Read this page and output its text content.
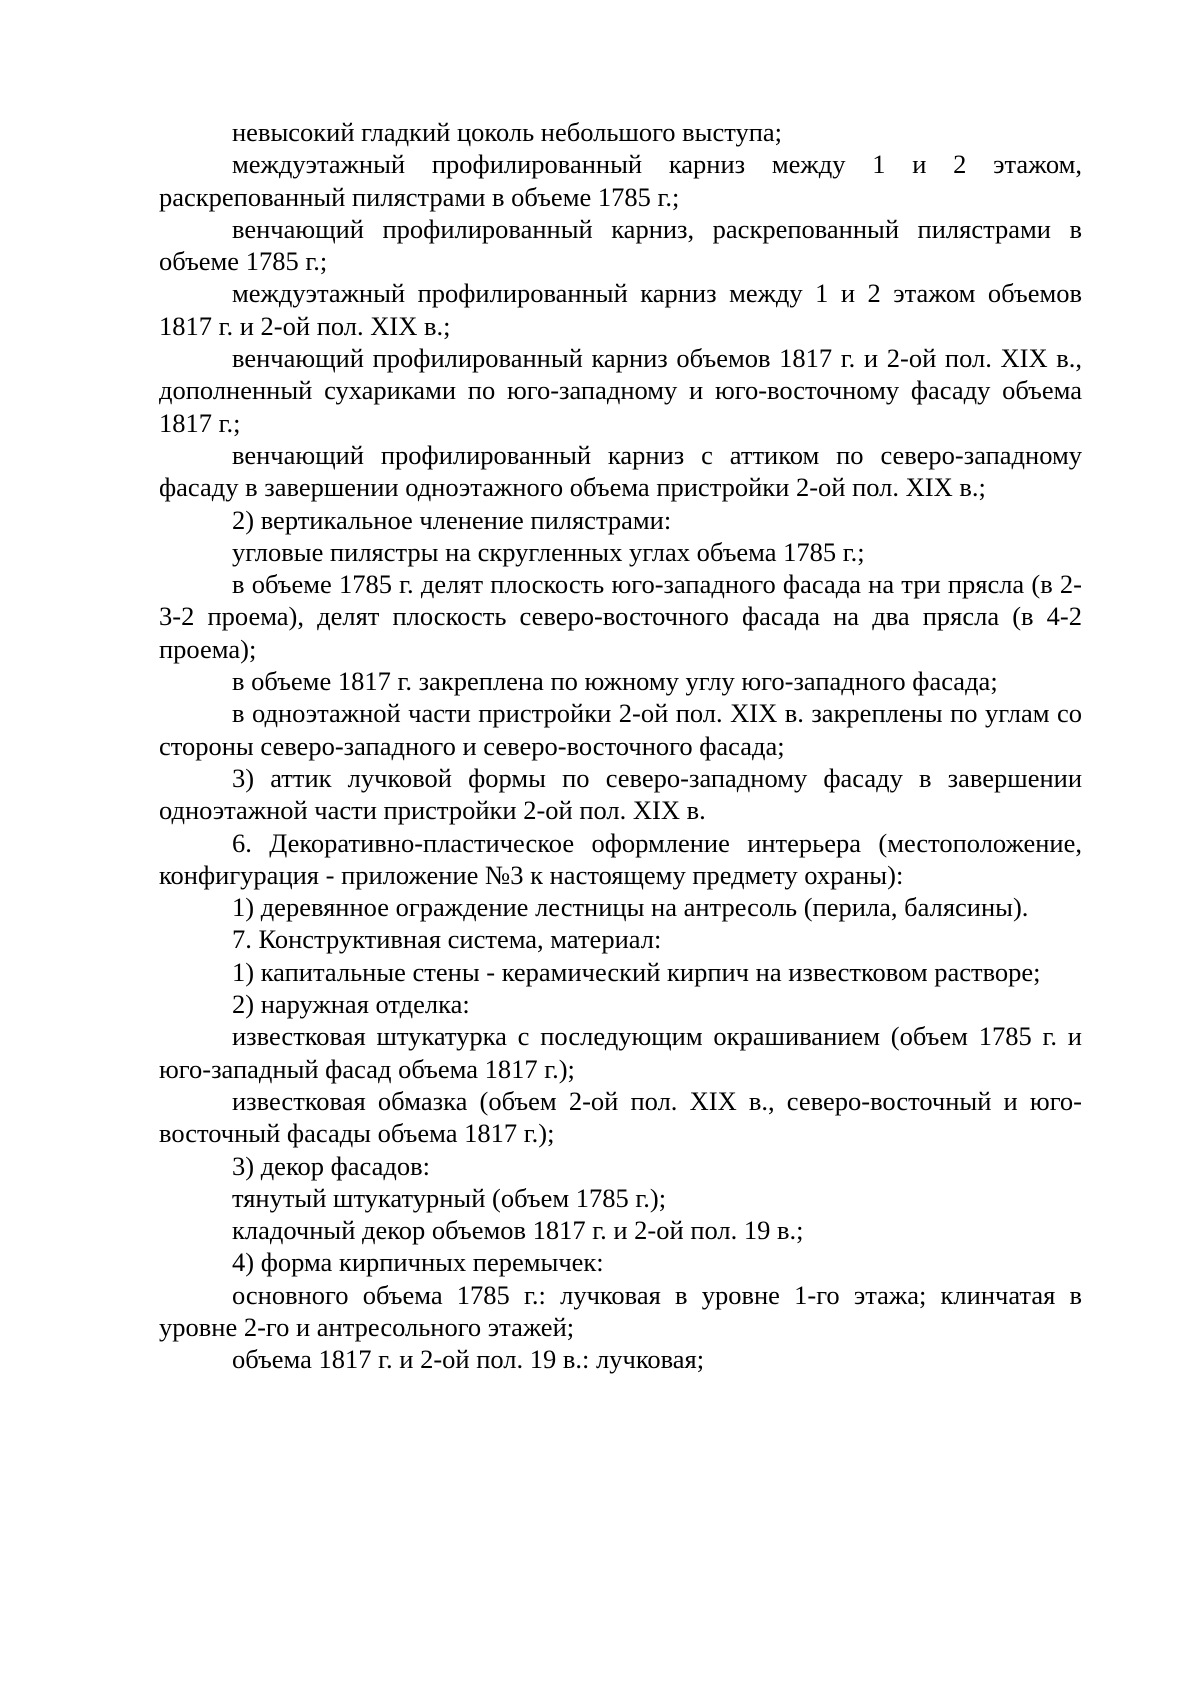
невысокий гладкий цоколь небольшого выступа;

междуэтажный профилированный карниз между 1 и 2 этажом, раскрепованный пилястрами в объеме 1785 г.;

венчающий профилированный карниз, раскрепованный пилястрами в объеме 1785 г.;

междуэтажный профилированный карниз между 1 и 2 этажом объемов 1817 г. и 2-ой пол. XIX в.;

венчающий профилированный карниз объемов 1817 г. и 2-ой пол. XIX в., дополненный сухариками по юго-западному и юго-восточному фасаду объема 1817 г.;

венчающий профилированный карниз с аттиком по северо-западному фасаду в завершении одноэтажного объема пристройки 2-ой пол. XIX в.;

2) вертикальное членение пилястрами:

угловые пилястры на скругленных углах объема 1785 г.;

в объеме 1785 г. делят плоскость юго-западного фасада на три прясла (в 2-3-2 проема), делят плоскость северо-восточного фасада на два прясла (в 4-2 проема);

в объеме 1817 г. закреплена по южному углу юго-западного фасада;

в одноэтажной части пристройки 2-ой пол. XIX в. закреплены по углам со стороны северо-западного и северо-восточного фасада;

3) аттик лучковой формы по северо-западному фасаду в завершении одноэтажной части пристройки 2-ой пол. XIX в.

6. Декоративно-пластическое оформление интерьера (местоположение, конфигурация - приложение №3 к настоящему предмету охраны):

1) деревянное ограждение лестницы на антресоль (перила, балясины).

7. Конструктивная система, материал:

1) капитальные стены - керамический кирпич на известковом растворе;

2) наружная отделка:

известковая штукатурка с последующим окрашиванием (объем 1785 г. и юго-западный фасад объема 1817 г.);

известковая обмазка (объем 2-ой пол. XIX в., северо-восточный и юго-восточный фасады объема 1817 г.);

3) декор фасадов:

тянутый штукатурный (объем 1785 г.);

кладочный декор объемов 1817 г. и 2-ой пол. 19 в.;

4) форма кирпичных перемычек:

основного объема 1785 г.: лучковая в уровне 1-го этажа; клинчатая в уровне 2-го и антресольного этажей;

объема 1817 г. и 2-ой пол. 19 в.: лучковая;
